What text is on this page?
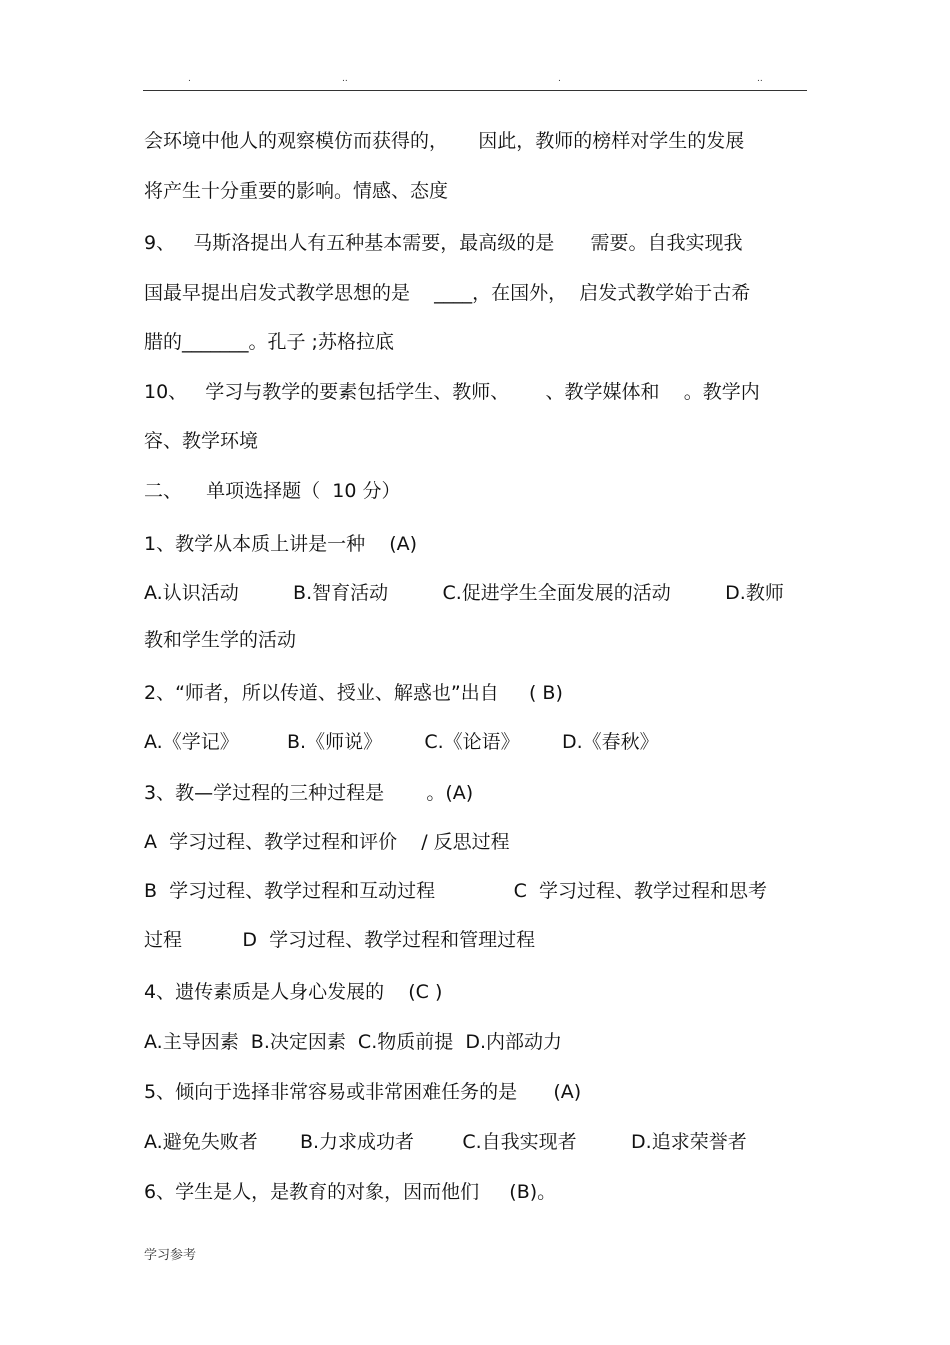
.	..	.	..
会环境中他人的观察模仿而获得的，     因此，教师的榜样对学生的发展
将产生十分重要的影响。情感、态度
9、   马斯洛提出人有五种基本需要，最高级的是      需要。自我实现我
国最早提出启发式教学思想的是    ____，在国外，  启发式教学始于古希
腊的_______。孔子 ;苏格拉底
10、   学习与教学的要素包括学生、教师、      、教学媒体和    。教学内
容、教学环境
二、    单项选择题（  10 分）
1、教学从本质上讲是一种    (A)
A.认识活动         B.智育活动         C.促进学生全面发展的活动         D.教师
教和学生学的活动
2、“师者，所以传道、授业、解惑也”出自     ( B)
A.《学记》        B.《师说》       C.《论语》       D.《春秋》
3、教—学过程的三种过程是       。(A)
A  学习过程、教学过程和评价    / 反思过程
B  学习过程、教学过程和互动过程             C  学习过程、教学过程和思考
过程          D  学习过程、教学过程和管理过程
4、遗传素质是人身心发展的    (C )
A.主导因素  B.决定因素  C.物质前提  D.内部动力
5、倾向于选择非常容易或非常困难任务的是      (A)
A.避免失败者       B.力求成功者        C.自我实现者         D.追求荣誉者
6、学生是人，是教育的对象，因而他们     (B)。
学习参考
